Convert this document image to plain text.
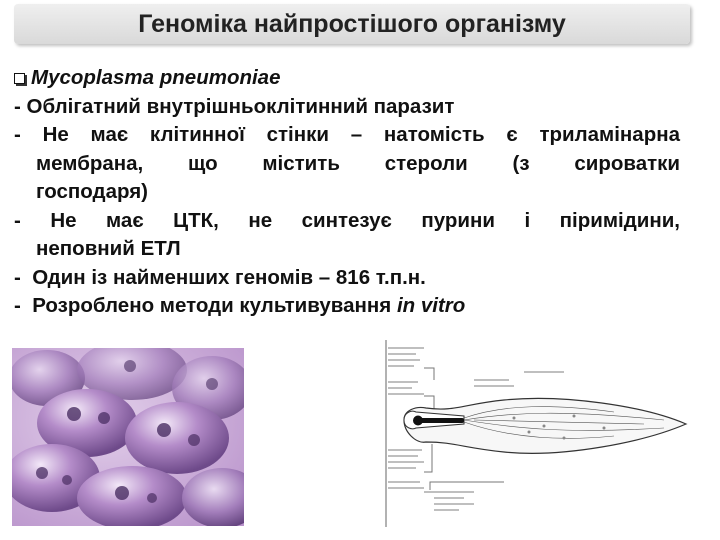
Геноміка найпростішого організму
Mycoplasma pneumoniae
- Облігатний внутрішньоклітинний паразит
- Не має клітинної стінки – натомість є триламінарна
мембрана, що містить стероли (з сироватки
господаря)
- Не має ЦТК, не синтезує пурини і піримідини,
неповний ЕТЛ
- Один із найменших геномів – 816 т.п.н.
- Розроблено методи культивування in vitro
